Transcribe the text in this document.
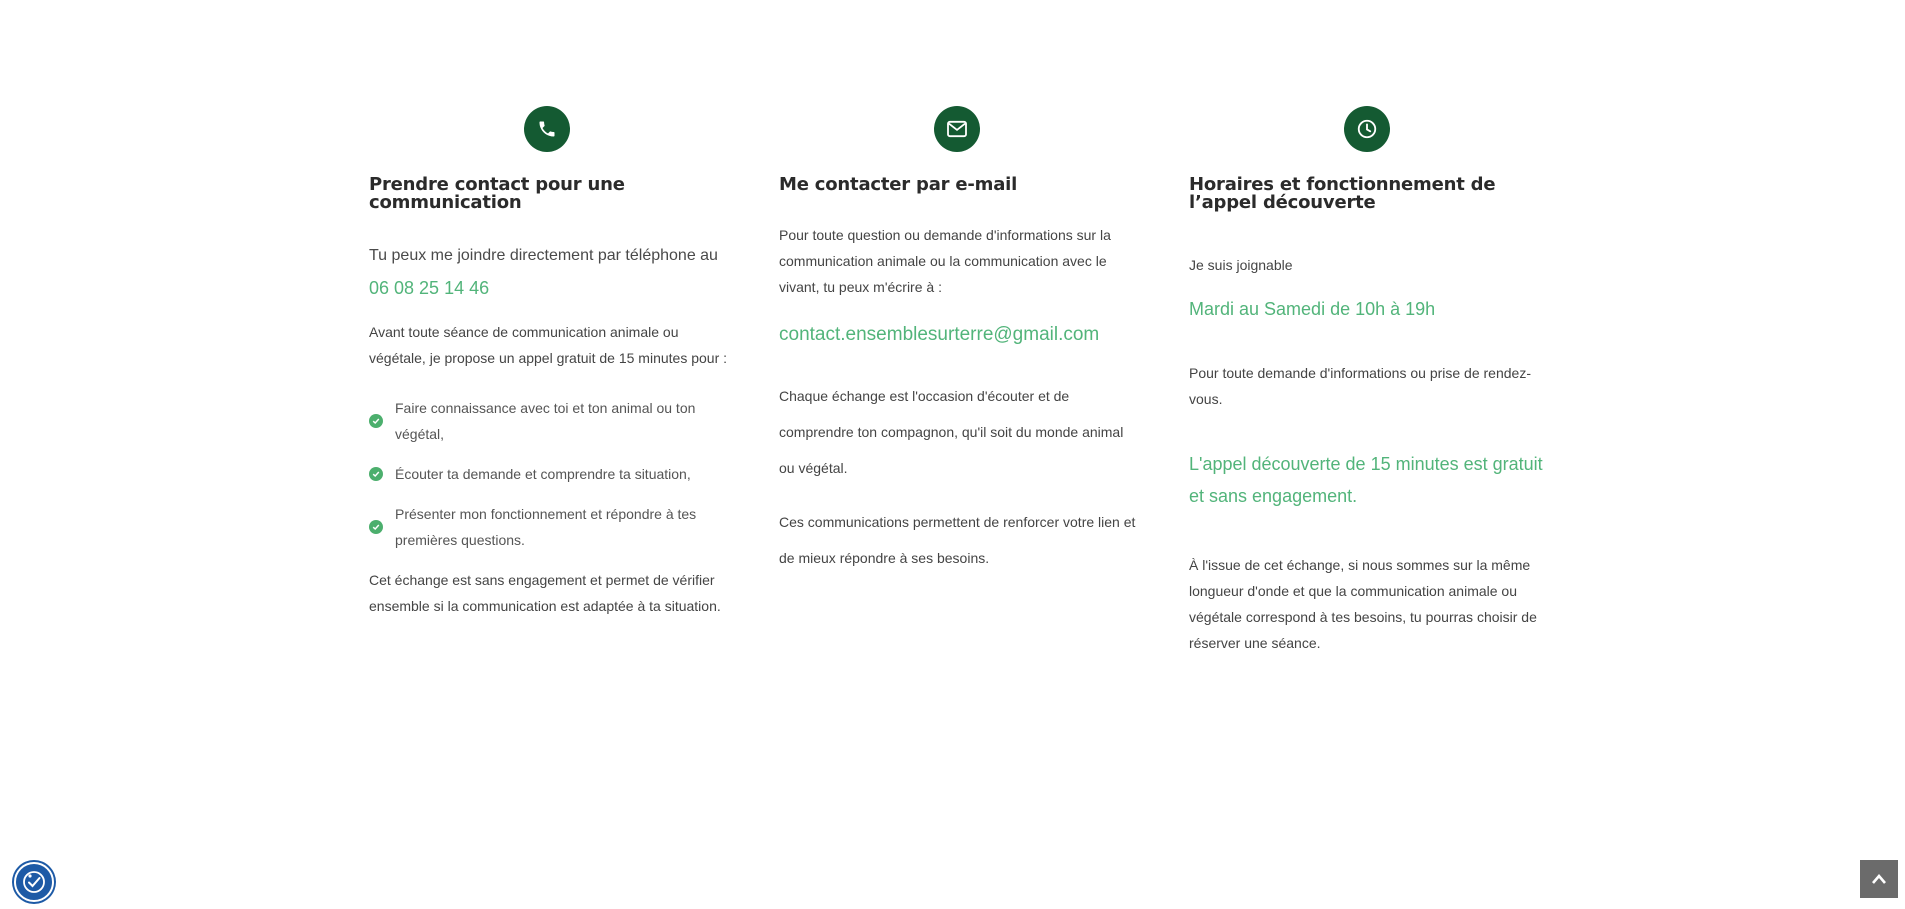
Prendre contact pour une communication
Tu peux me joindre directement par téléphone au
06 08 25 14 46
Avant toute séance de communication animale ou végétale, je propose un appel gratuit de 15 minutes pour :
Faire connaissance avec toi et ton animal ou ton végétal,
Écouter ta demande et comprendre ta situation,
Présenter mon fonctionnement et répondre à tes premières questions.
Cet échange est sans engagement et permet de vérifier ensemble si la communication est adaptée à ta situation.
Me contacter par e-mail
Pour toute question ou demande d'informations sur la communication animale ou la communication avec le vivant, tu peux m'écrire à :
contact.ensemblesurterre@gmail.com
Chaque échange est l'occasion d'écouter et de comprendre ton compagnon, qu'il soit du monde animal ou végétal.
Ces communications permettent de renforcer votre lien et de mieux répondre à ses besoins.
Horaires et fonctionnement de l’appel découverte
Je suis joignable
Mardi au Samedi de 10h à 19h
Pour toute demande d'informations ou prise de rendez-vous.
L'appel découverte de 15 minutes est gratuit et sans engagement.
À l'issue de cet échange, si nous sommes sur la même longueur d'onde et que la communication animale ou végétale correspond à tes besoins, tu pourras choisir de réserver une séance.
